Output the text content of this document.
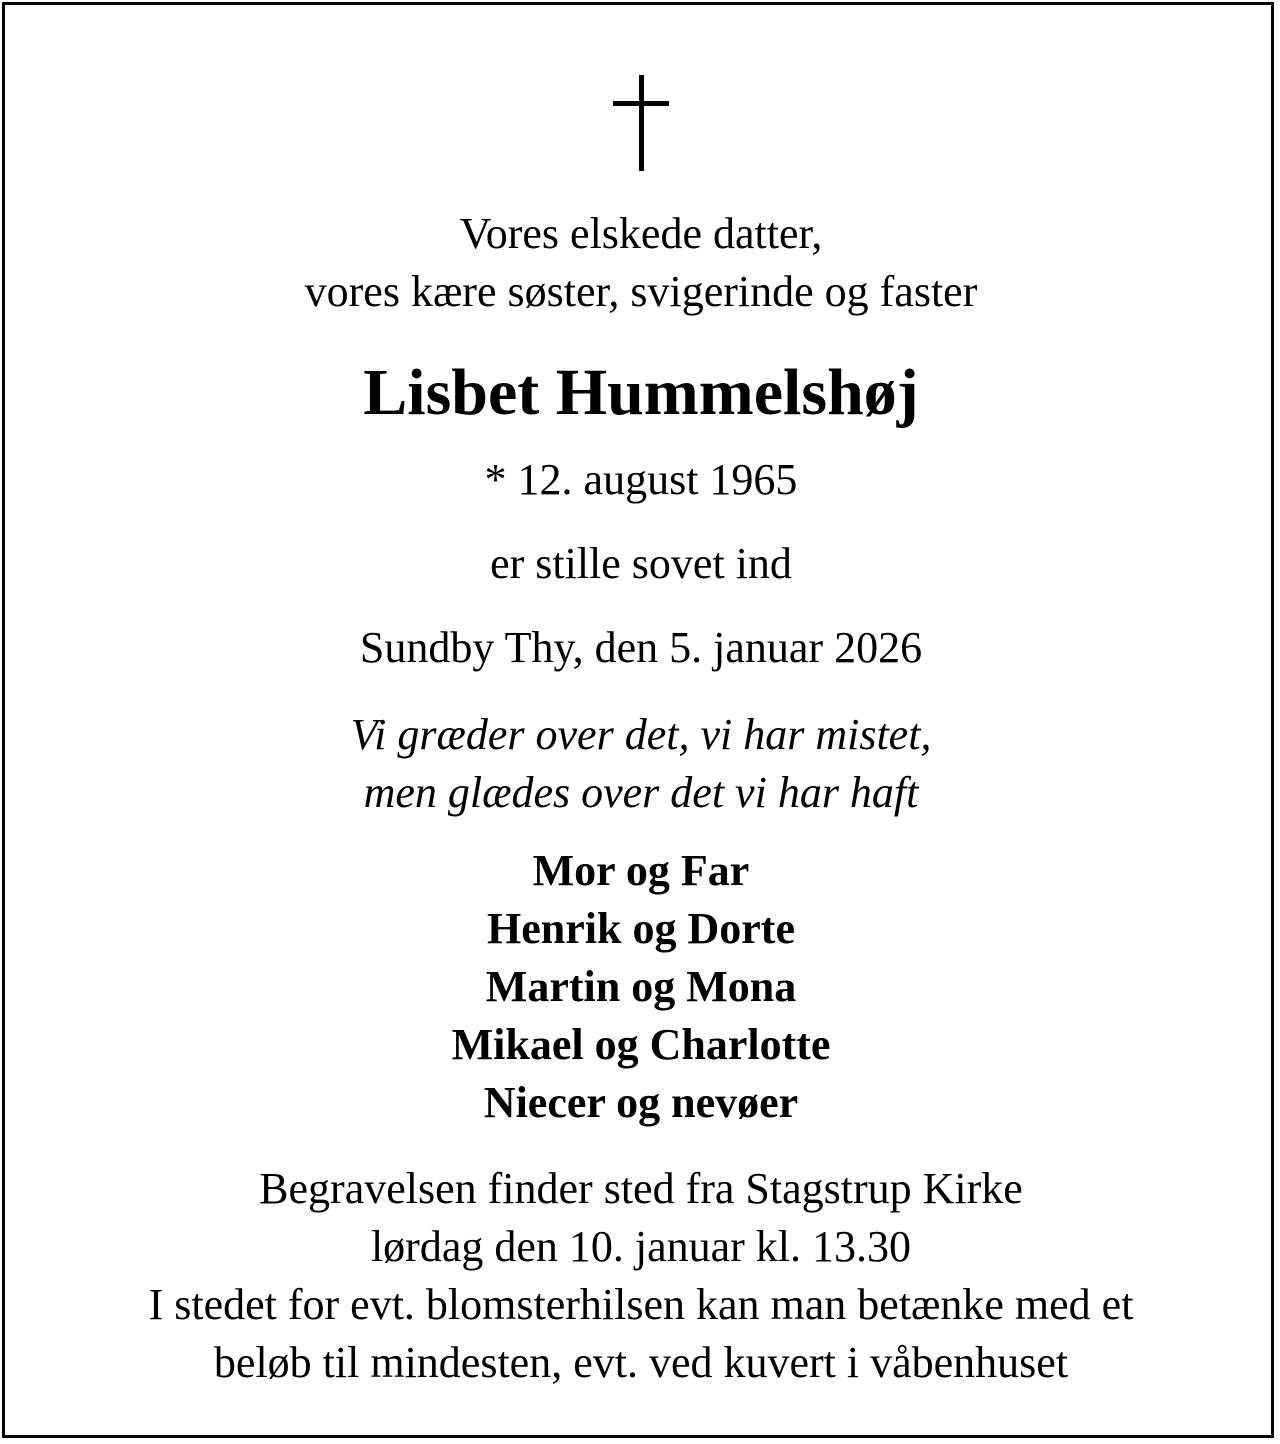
Vores elskede datter,
vores kære søster, svigerinde og faster
Lisbet Hummelshøj
* 12. august 1965
er stille sovet ind
Sundby Thy, den 5. januar 2026
Vi græder over det, vi har mistet,
men glædes over det vi har haft
Mor og Far
Henrik og Dorte
Martin og Mona
Mikael og Charlotte
Niecer og nevøer
Begravelsen finder sted fra Stagstrup Kirke
lørdag den 10. januar kl. 13.30
I stedet for evt. blomsterhilsen kan man betænke med et
beløb til mindesten, evt. ved kuvert i våbenhuset
